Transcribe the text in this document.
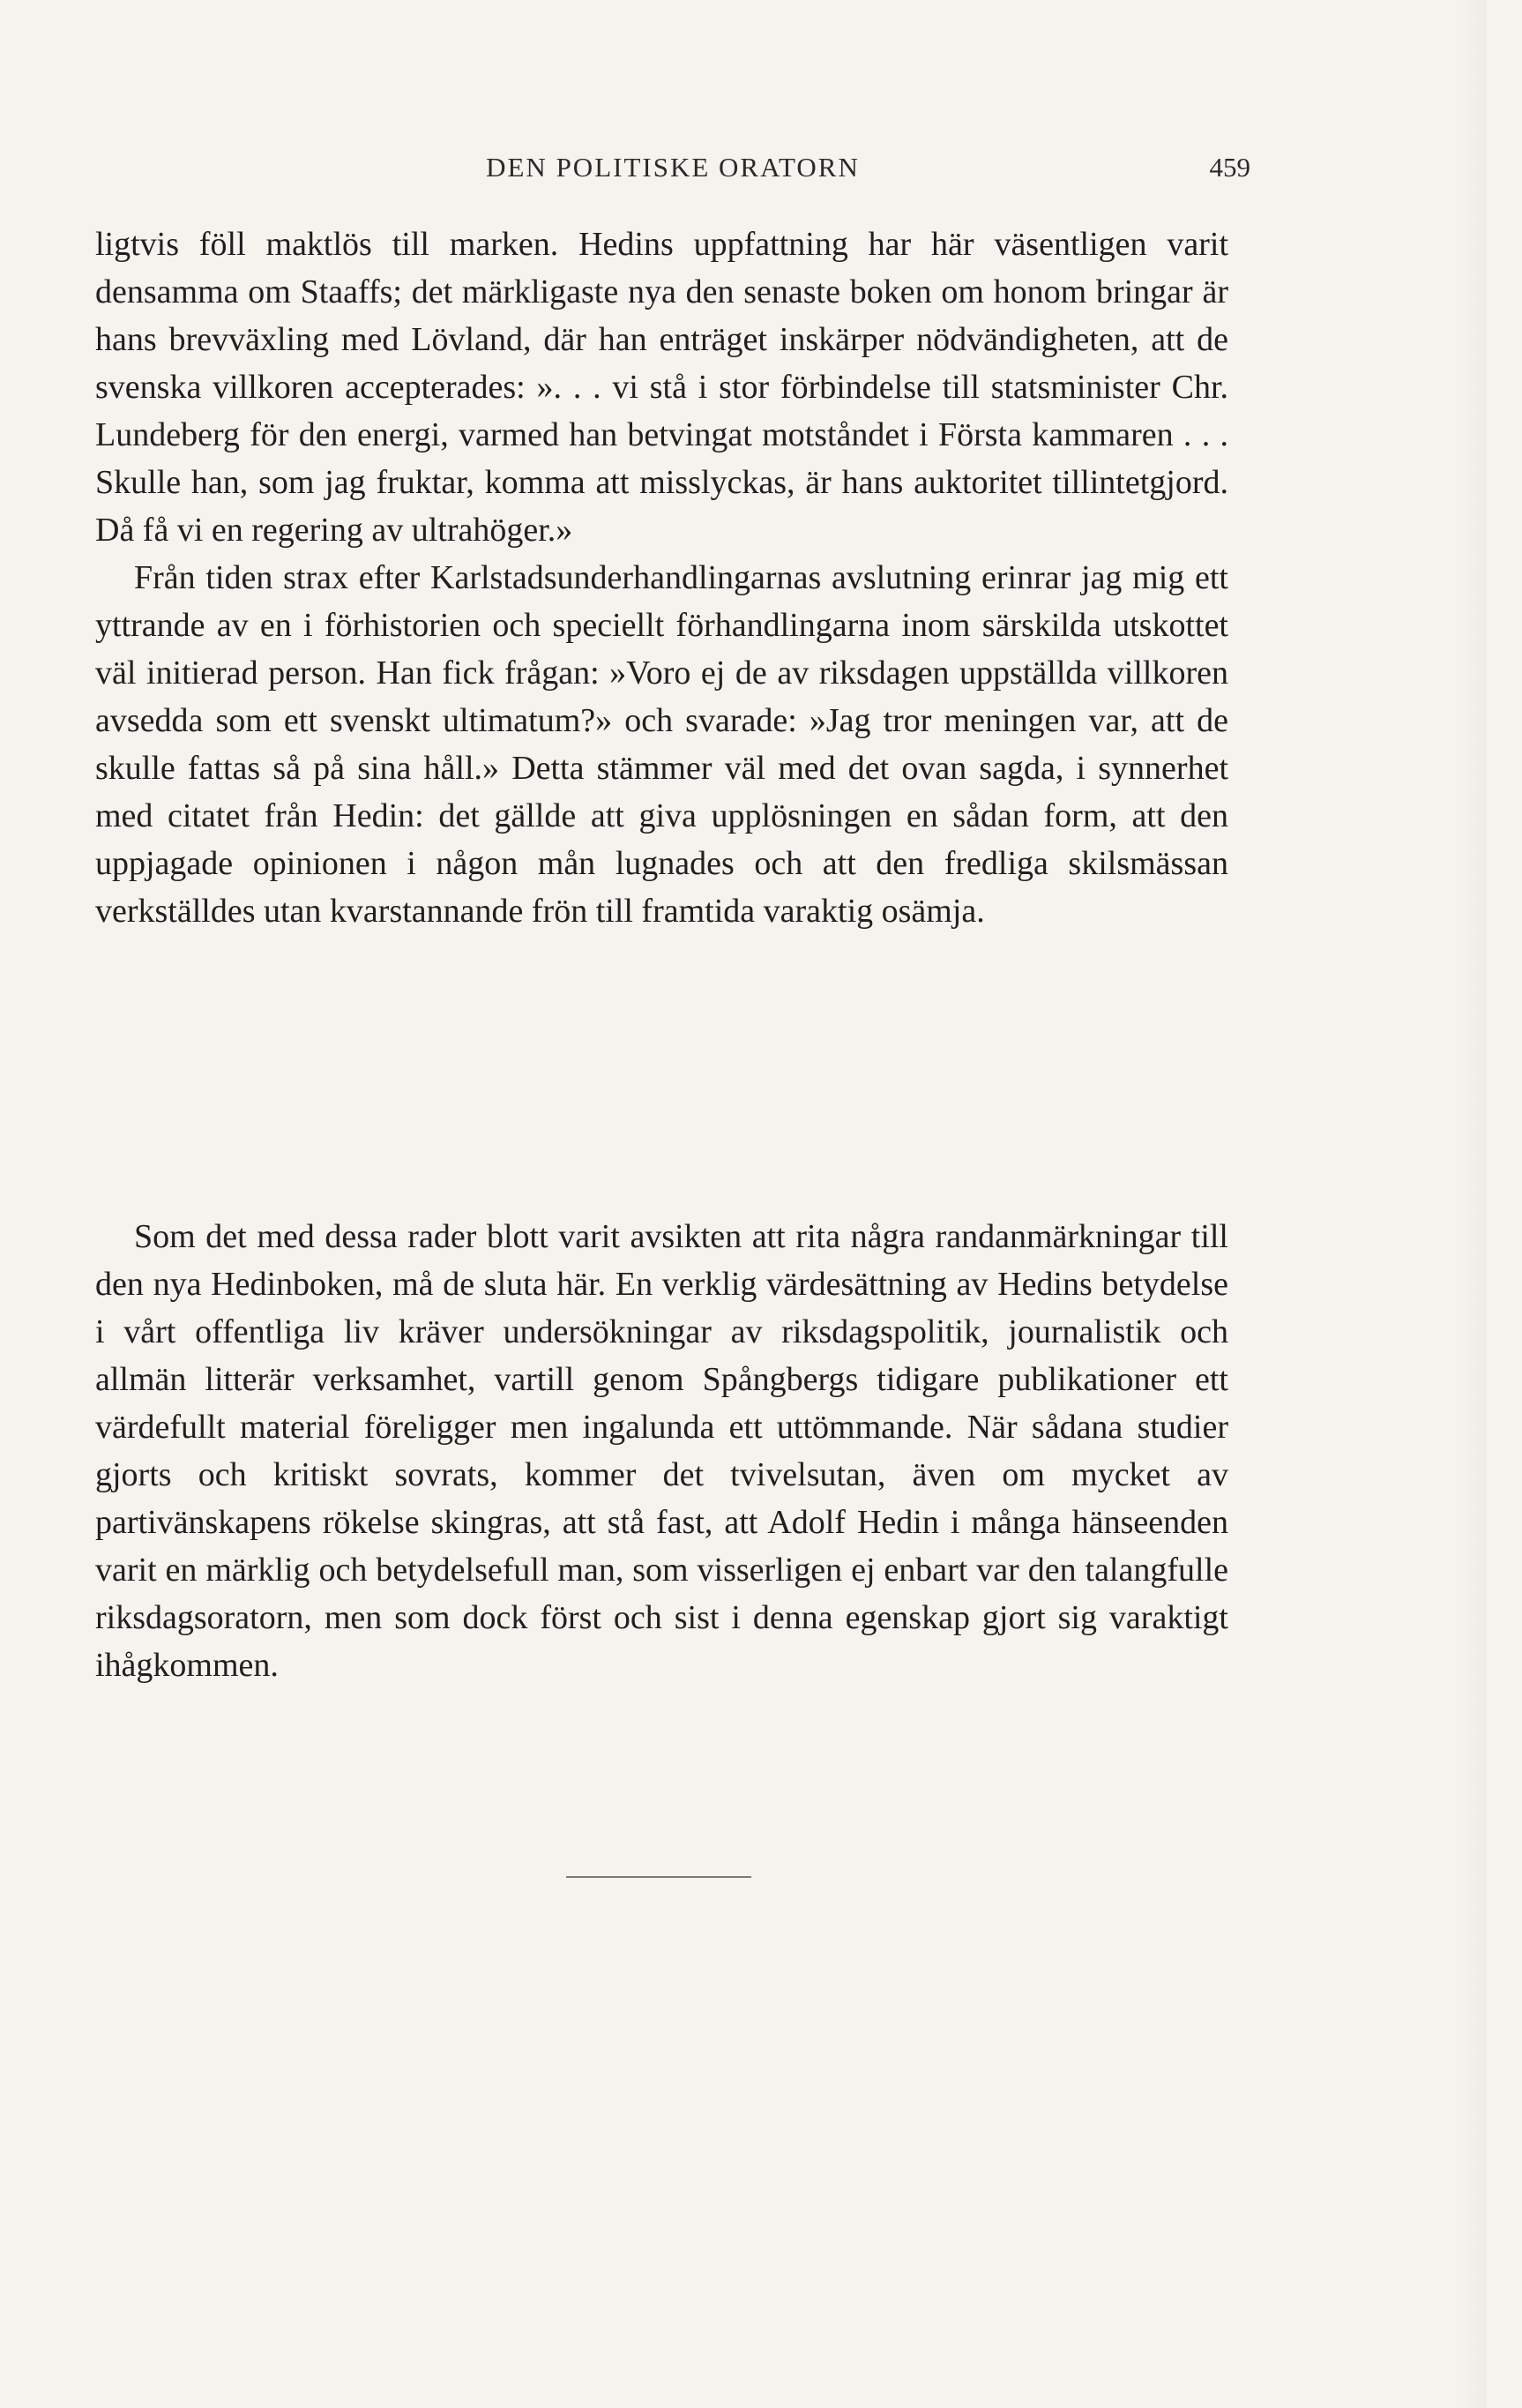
DEN POLITISKE ORATORN	459

ligtvis föll maktlös till marken. Hedins uppfattning har här väsentligen varit densamma om Staaffs; det märkligaste nya den senaste boken om honom bringar är hans brevväxling med Lövland, där han enträget inskärper nödvändigheten, att de svenska villkoren accepterades: ». . . vi stå i stor förbindelse till statsminister Chr. Lundeberg för den energi, varmed han betvingat motståndet i Första kammaren . . . Skulle han, som jag fruktar, komma att misslyckas, är hans auktoritet tillintetgjord. Då få vi en regering av ultrahöger.»

Från tiden strax efter Karlstadsunderhandlingarnas avslutning erinrar jag mig ett yttrande av en i förhistorien och speciellt förhandlingarna inom särskilda utskottet väl initierad person. Han fick frågan: »Voro ej de av riksdagen uppställda villkoren avsedda som ett svenskt ultimatum?» och svarade: »Jag tror meningen var, att de skulle fattas så på sina håll.» Detta stämmer väl med det ovan sagda, i synnerhet med citatet från Hedin: det gällde att giva upplösningen en sådan form, att den uppjagade opinionen i någon mån lugnades och att den fredliga skilsmässan verkställdes utan kvarstannande frön till framtida varaktig osämja.

Som det med dessa rader blott varit avsikten att rita några randanmärkningar till den nya Hedinboken, må de sluta här. En verklig värdesättning av Hedins betydelse i vårt offentliga liv kräver undersökningar av riksdagspolitik, journalistik och allmän litterär verksamhet, vartill genom Spångbergs tidigare publikationer ett värdefullt material föreligger men ingalunda ett uttömmande. När sådana studier gjorts och kritiskt sovrats, kommer det tvivelsutan, även om mycket av partivänskapens rökelse skingras, att stå fast, att Adolf Hedin i många hänseenden varit en märklig och betydelsefull man, som visserligen ej enbart var den talangfulle riksdagsoratorn, men som dock först och sist i denna egenskap gjort sig varaktigt ihågkommen.
